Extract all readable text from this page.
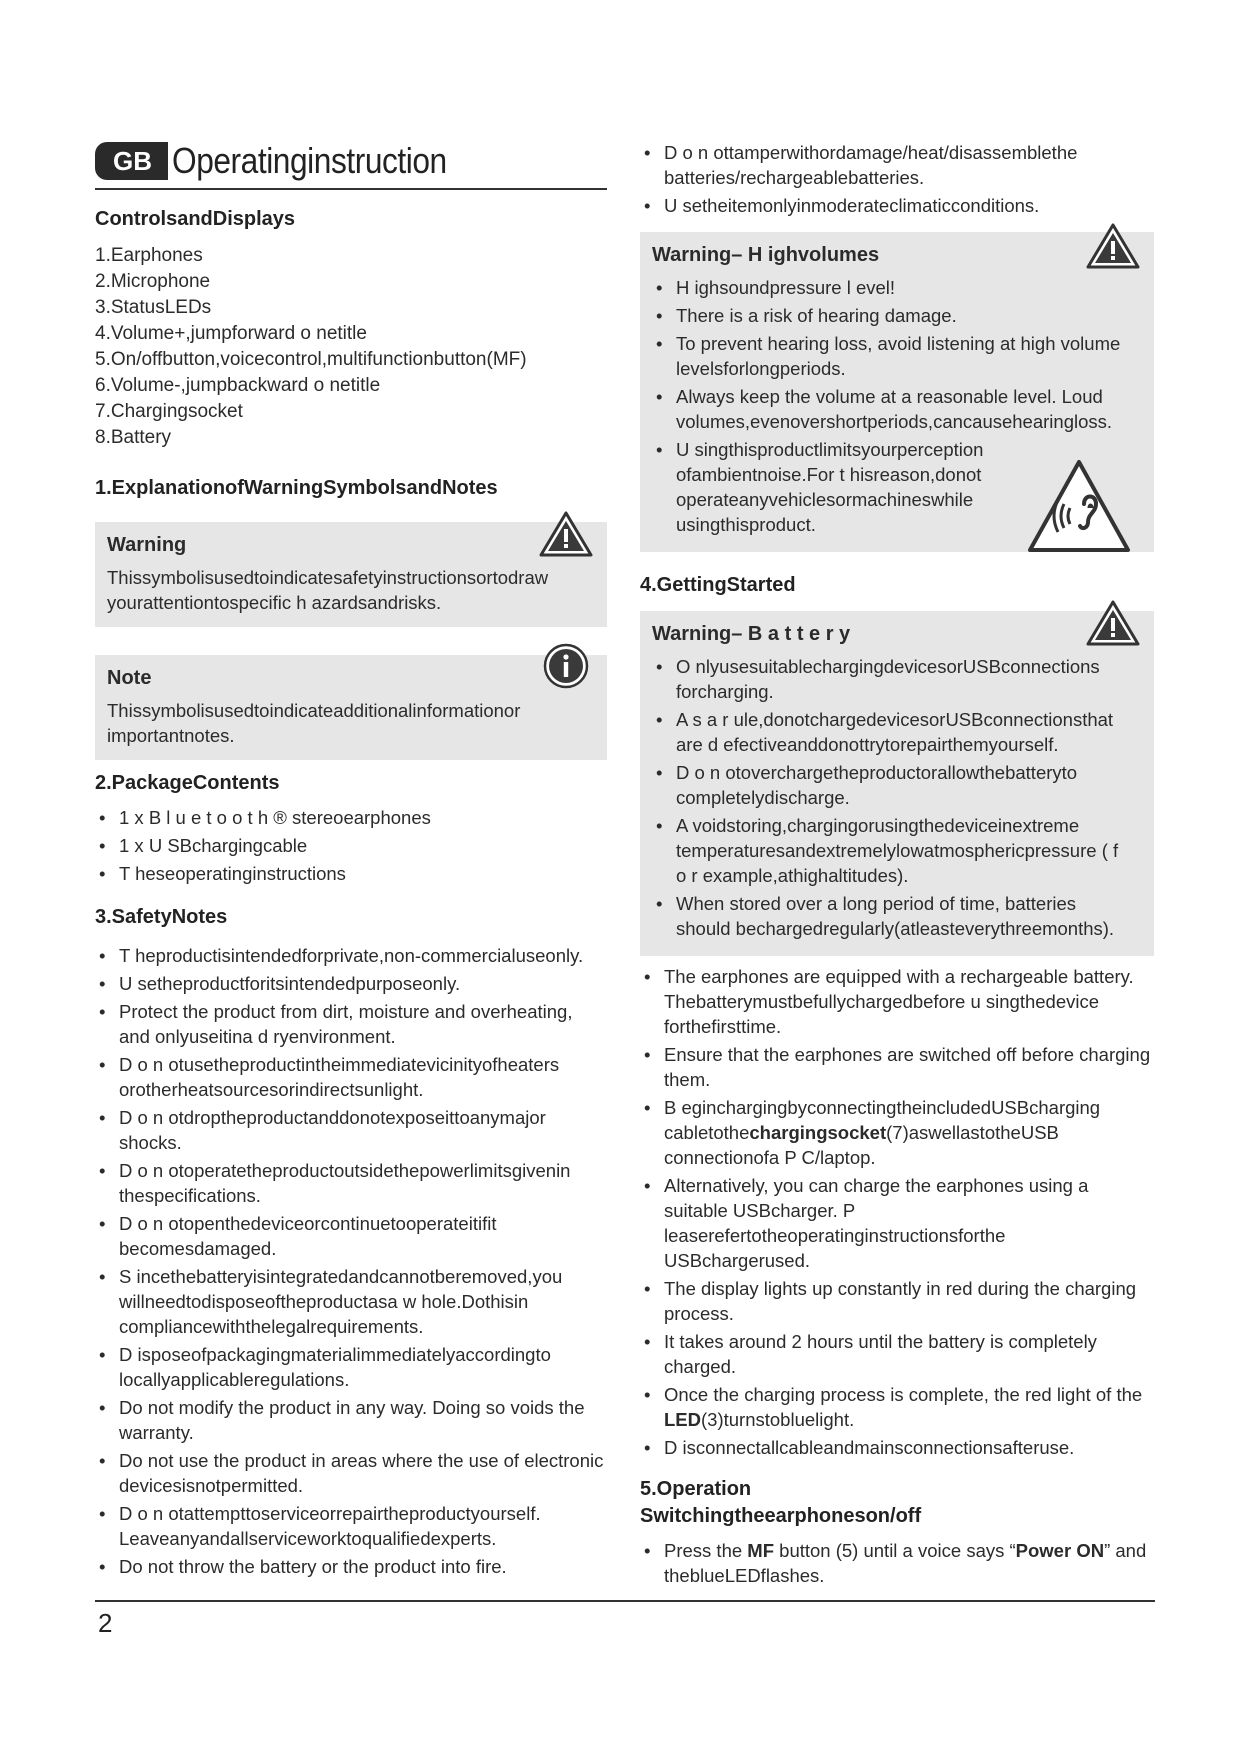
GB Operatinginstruction
ControlsandDisplays
1.Earphones
2.Microphone
3.StatusLEDs
4.Volume+,jumpforward o netitle
5.On/offbutton,voicecontrol,multifunctionbutton(MF)
6.Volume-,jumpbackward o netitle
7.Chargingsocket
8.Battery
1.ExplanationofWarningSymbolsandNotes
Warning
Thissymbolisusedtoindicatesafetyinstructionsortodraw yourattentiontospecific h azardsandrisks.
Note
Thissymbolisusedtoindicateadditionalinformationor importantnotes.
2.PackageContents
• 1 x B l u e t o o t h ® stereoearphones
• 1 x U SBchargingcable
• T heseoperatinginstructions
3.SafetyNotes
• T heproductisintendedforprivate,non-commercialuseonly.
• U setheproductforitsintendedpurposeonly.
• Protect the product from dirt, moisture and overheating, and onlyuseitina d ryenvironment.
• D o n otusetheproductintheimmediatevicinityofheaters orotherheatsourcesorindirectsunlight.
• D o n otdroptheproductanddonotexposeittoanymajor shocks.
• D o n otoperatetheproductoutsidethepowerlimitsgivenin thespecifications.
• D o n otopenthedeviceorcontinuetooperateitifit becomesdamaged.
• S incethebatteryisintegratedandcannotberemoved,you willneedtodisposeoftheproductasa w hole.Dothisin compliancewiththelegalrequirements.
• D isposeofpackagingmaterialimmediatelyaccordingto locallyapplicableregulations.
• Do not modify the product in any way. Doing so voids the warranty.
• Do not use the product in areas where the use of electronic devicesisnotpermitted.
• D o n otattempttoserviceorrepairtheproductyourself. Leaveanyandallserviceworktoqualifiedexperts.
• Do not throw the battery or the product into fire.
• D o n ottamperwithordamage/heat/disassemblethe batteries/rechargeablebatteries.
• U setheitemonlyinmoderateclimaticconditions.
Warning– H ighvolumes
• H ighsoundpressure l evel!
• There is a risk of hearing damage.
• To prevent hearing loss, avoid listening at high volume levelsforlongperiods.
• Always keep the volume at a reasonable level. Loud volumes,evenovershortperiods,cancausehearingloss.
• U singthisproductlimitsyourperception ofambientnoise.For t hisreason,donot operateanyvehiclesormachineswhile usingthisproduct.
4.GettingStarted
Warning– B a t t e r y
• O nlyusesuitablechargingdevicesorUSBconnections forcharging.
• A s a r ule,donotchargedevicesorUSBconnectionsthat are d efectiveanddonottrytorepairthemyourself.
• D o n otoverchargetheproductorallowthebatteryto completelydischarge.
• A voidstoring,chargingorusingthedeviceinextreme temperaturesandextremelylowatmosphericpressure ( f o r example,athighaltitudes).
• When stored over a long period of time, batteries should bechargedregularly(atleasteverythreemonths).
• The earphones are equipped with a rechargeable battery. Thebatterymustbefullychargedbefore u singthedevice forthefirsttime.
• Ensure that the earphones are switched off before charging them.
• B eginchargingbyconnectingtheincludedUSBcharging cabletothechargingsocket(7)aswellastotheUSB connectionofa P C/laptop.
• Alternatively, you can charge the earphones using a suitable USBcharger. P leaserefertotheoperatinginstructionsforthe USBchargerused.
• The display lights up constantly in red during the charging process.
• It takes around 2 hours until the battery is completely charged.
• Once the charging process is complete, the red light of the LED(3)turnstobluelight.
• D isconnectallcableandmainsconnectionsafteruse.
5.Operation
Switchingtheearphoneson/off
• Press the MF button (5) until a voice says “Power ON” and theblueLEDflashes.
2
